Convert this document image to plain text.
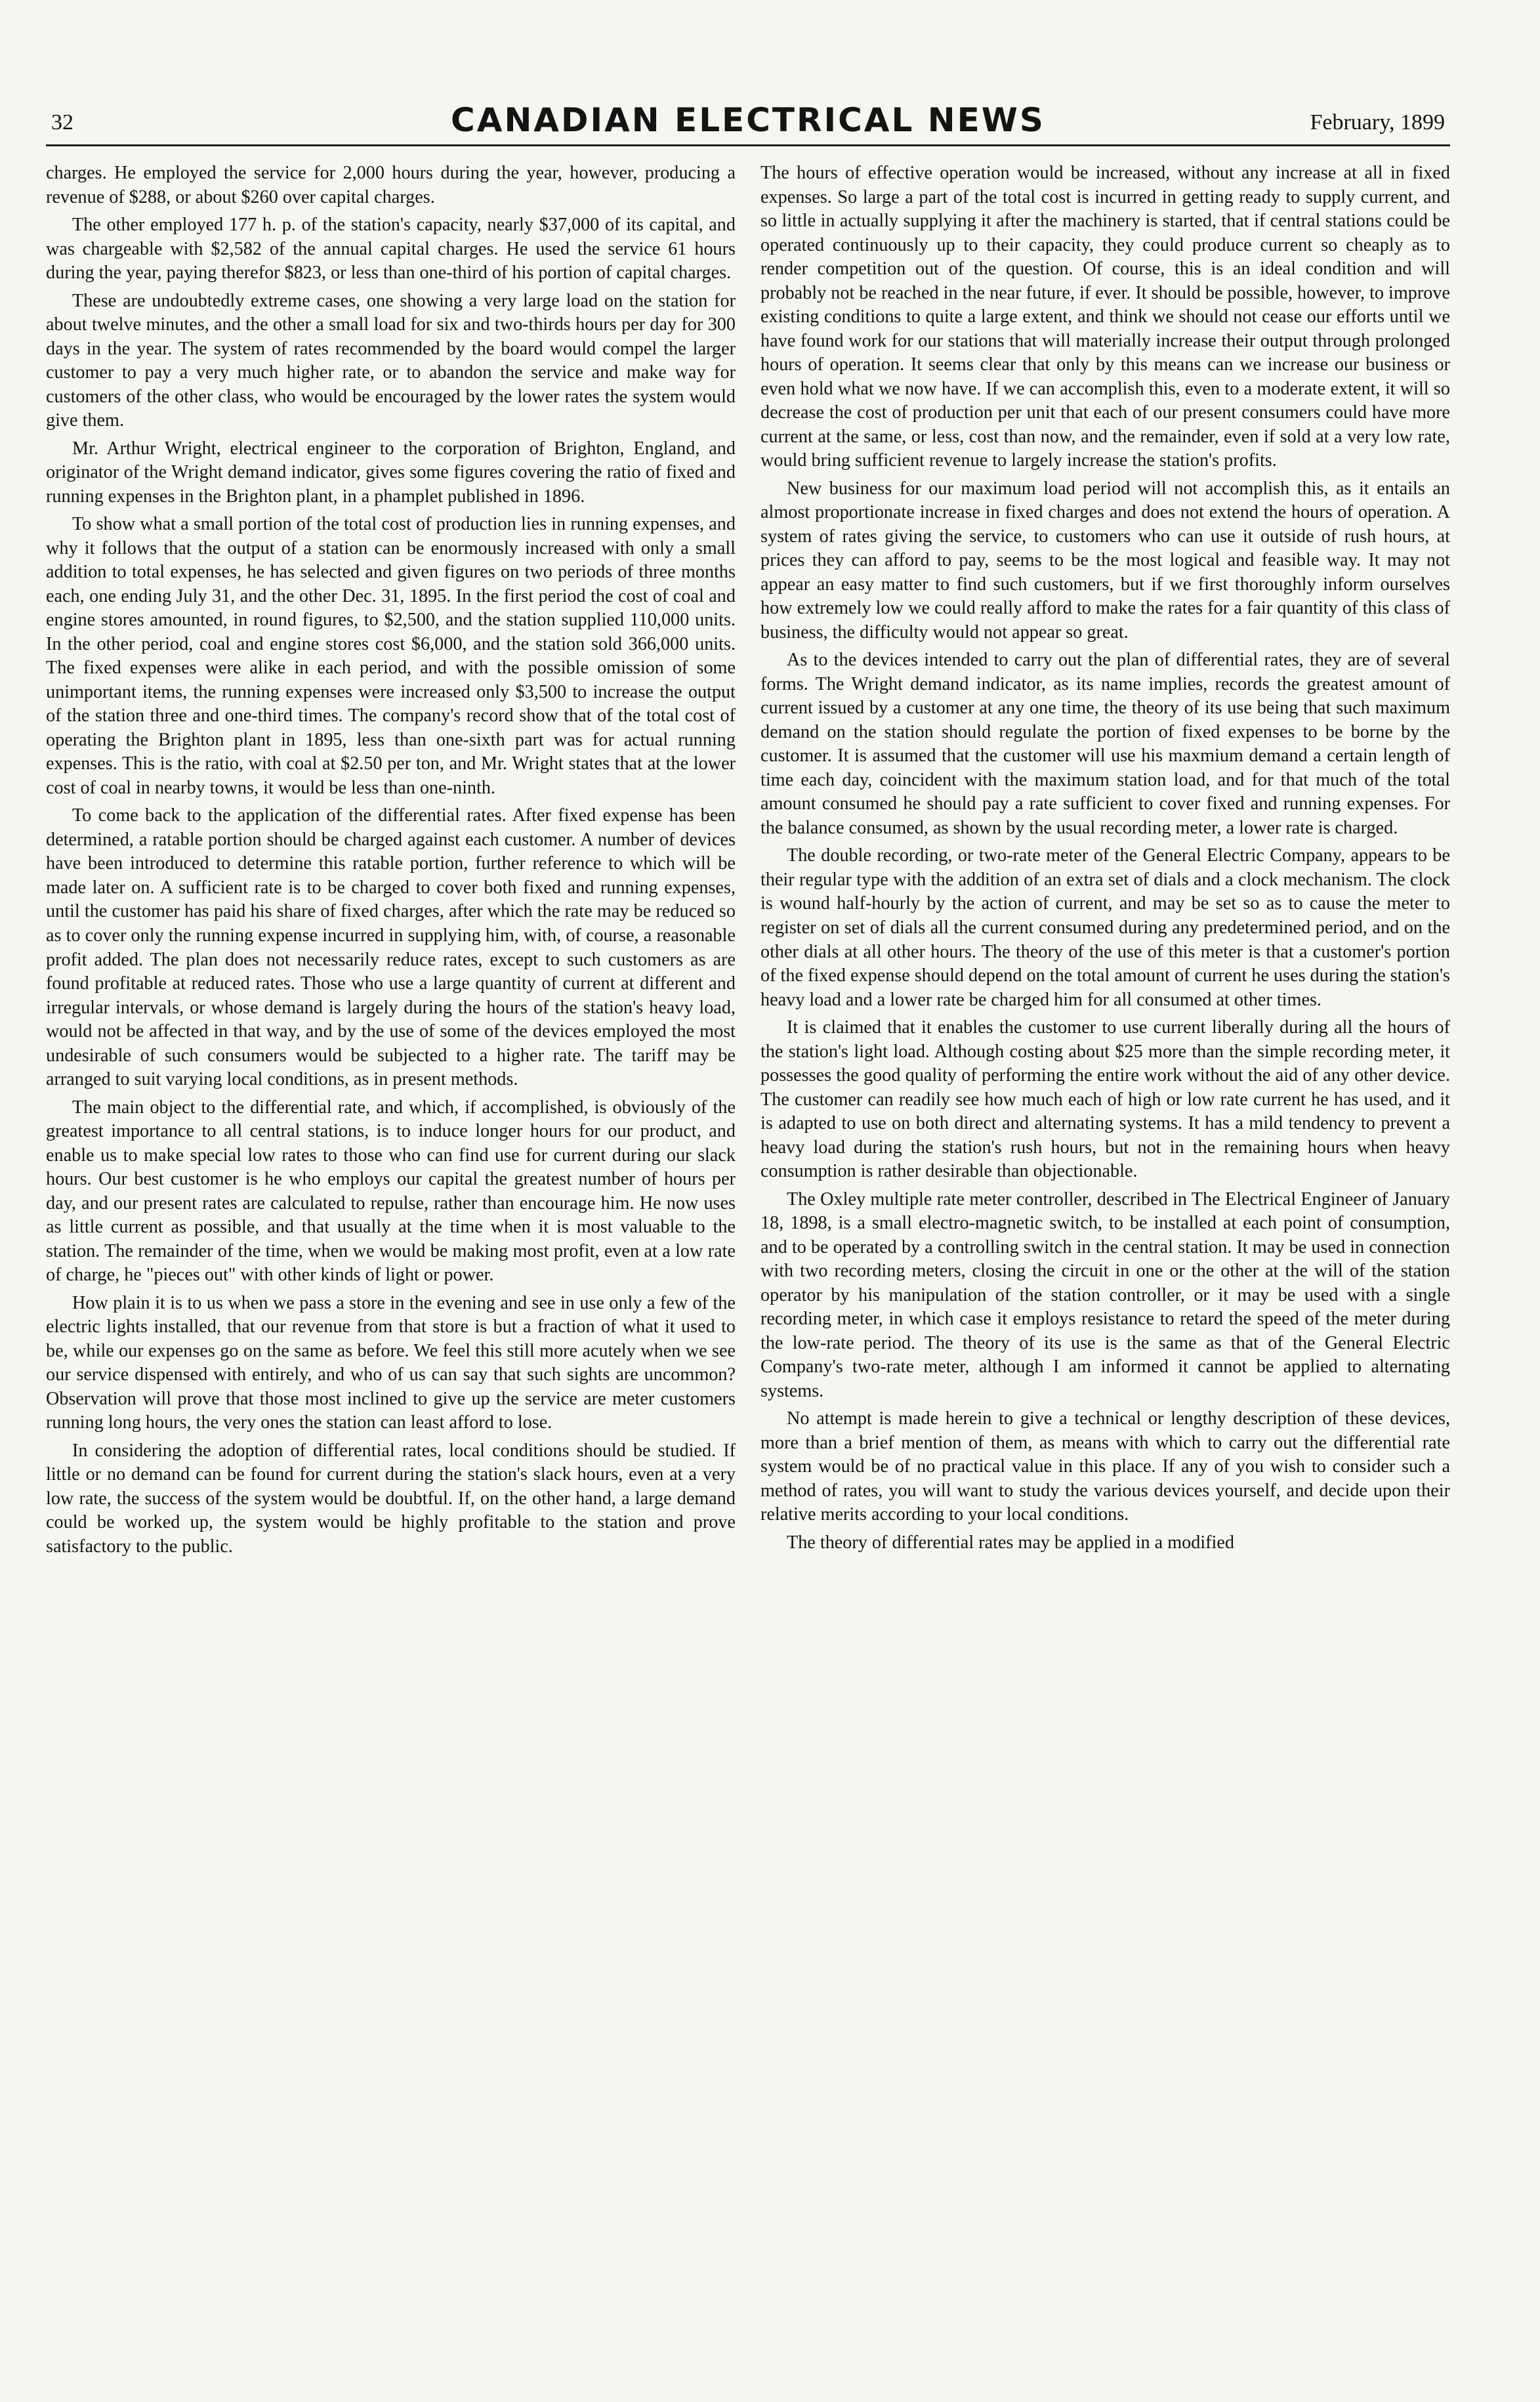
32	CANADIAN ELECTRICAL NEWS	February, 1899

charges. He employed the service for 2,000 hours during the year, however, producing a revenue of $288, or about $260 over capital charges.

The other employed 177 h. p. of the station's capacity, nearly $37,000 of its capital, and was chargeable with $2,582 of the annual capital charges. He used the service 61 hours during the year, paying therefor $823, or less than one-third of his portion of capital charges.

These are undoubtedly extreme cases, one showing a very large load on the station for about twelve minutes, and the other a small load for six and two-thirds hours per day for 300 days in the year. The system of rates recommended by the board would compel the larger customer to pay a very much higher rate, or to abandon the service and make way for customers of the other class, who would be encouraged by the lower rates the system would give them.

Mr. Arthur Wright, electrical engineer to the corporation of Brighton, England, and originator of the Wright demand indicator, gives some figures covering the ratio of fixed and running expenses in the Brighton plant, in a phamplet published in 1896.

To show what a small portion of the total cost of production lies in running expenses, and why it follows that the output of a station can be enormously increased with only a small addition to total expenses, he has selected and given figures on two periods of three months each, one ending July 31, and the other Dec. 31, 1895. In the first period the cost of coal and engine stores amounted, in round figures, to $2,500, and the station supplied 110,000 units. In the other period, coal and engine stores cost $6,000, and the station sold 366,000 units. The fixed expenses were alike in each period, and with the possible omission of some unimportant items, the running expenses were increased only $3,500 to increase the output of the station three and one-third times. The company's record show that of the total cost of operating the Brighton plant in 1895, less than one-sixth part was for actual running expenses. This is the ratio, with coal at $2.50 per ton, and Mr. Wright states that at the lower cost of coal in nearby towns, it would be less than one-ninth.

To come back to the application of the differential rates. After fixed expense has been determined, a ratable portion should be charged against each customer. A number of devices have been introduced to determine this ratable portion, further reference to which will be made later on. A sufficient rate is to be charged to cover both fixed and running expenses, until the customer has paid his share of fixed charges, after which the rate may be reduced so as to cover only the running expense incurred in supplying him, with, of course, a reasonable profit added. The plan does not necessarily reduce rates, except to such customers as are found profitable at reduced rates. Those who use a large quantity of current at different and irregular intervals, or whose demand is largely during the hours of the station's heavy load, would not be affected in that way, and by the use of some of the devices employed the most undesirable of such consumers would be subjected to a higher rate. The tariff may be arranged to suit varying local conditions, as in present methods.

The main object to the differential rate, and which, if accomplished, is obviously of the greatest importance to all central stations, is to induce longer hours for our product, and enable us to make special low rates to those who can find use for current during our slack hours. Our best customer is he who employs our capital the greatest number of hours per day, and our present rates are calculated to repulse, rather than encourage him. He now uses as little current as possible, and that usually at the time when it is most valuable to the station. The remainder of the time, when we would be making most profit, even at a low rate of charge, he "pieces out" with other kinds of light or power.

How plain it is to us when we pass a store in the evening and see in use only a few of the electric lights installed, that our revenue from that store is but a fraction of what it used to be, while our expenses go on the same as before. We feel this still more acutely when we see our service dispensed with entirely, and who of us can say that such sights are uncommon? Observation will prove that those most inclined to give up the service are meter customers running long hours, the very ones the station can least afford to lose.

In considering the adoption of differential rates, local conditions should be studied. If little or no demand can be found for current during the station's slack hours, even at a very low rate, the success of the system would be doubtful. If, on the other hand, a large demand could be worked up, the system would be highly profitable to the station and prove satisfactory to the public.

The hours of effective operation would be increased, without any increase at all in fixed expenses. So large a part of the total cost is incurred in getting ready to supply current, and so little in actually supplying it after the machinery is started, that if central stations could be operated continuously up to their capacity, they could produce current so cheaply as to render competition out of the question. Of course, this is an ideal condition and will probably not be reached in the near future, if ever. It should be possible, however, to improve existing conditions to quite a large extent, and think we should not cease our efforts until we have found work for our stations that will materially increase their output through prolonged hours of operation. It seems clear that only by this means can we increase our business or even hold what we now have. If we can accomplish this, even to a moderate extent, it will so decrease the cost of production per unit that each of our present consumers could have more current at the same, or less, cost than now, and the remainder, even if sold at a very low rate, would bring sufficient revenue to largely increase the station's profits.

New business for our maximum load period will not accomplish this, as it entails an almost proportionate increase in fixed charges and does not extend the hours of operation. A system of rates giving the service, to customers who can use it outside of rush hours, at prices they can afford to pay, seems to be the most logical and feasible way. It may not appear an easy matter to find such customers, but if we first thoroughly inform ourselves how extremely low we could really afford to make the rates for a fair quantity of this class of business, the difficulty would not appear so great.

As to the devices intended to carry out the plan of differential rates, they are of several forms. The Wright demand indicator, as its name implies, records the greatest amount of current issued by a customer at any one time, the theory of its use being that such maximum demand on the station should regulate the portion of fixed expenses to be borne by the customer. It is assumed that the customer will use his maxmium demand a certain length of time each day, coincident with the maximum station load, and for that much of the total amount consumed he should pay a rate sufficient to cover fixed and running expenses. For the balance consumed, as shown by the usual recording meter, a lower rate is charged.

The double recording, or two-rate meter of the General Electric Company, appears to be their regular type with the addition of an extra set of dials and a clock mechanism. The clock is wound half-hourly by the action of current, and may be set so as to cause the meter to register on set of dials all the current consumed during any predetermined period, and on the other dials at all other hours. The theory of the use of this meter is that a customer's portion of the fixed expense should depend on the total amount of current he uses during the station's heavy load and a lower rate be charged him for all consumed at other times.

It is claimed that it enables the customer to use current liberally during all the hours of the station's light load. Although costing about $25 more than the simple recording meter, it possesses the good quality of performing the entire work without the aid of any other device. The customer can readily see how much each of high or low rate current he has used, and it is adapted to use on both direct and alternating systems. It has a mild tendency to prevent a heavy load during the station's rush hours, but not in the remaining hours when heavy consumption is rather desirable than objectionable.

The Oxley multiple rate meter controller, described in The Electrical Engineer of January 18, 1898, is a small electro-magnetic switch, to be installed at each point of consumption, and to be operated by a controlling switch in the central station. It may be used in connection with two recording meters, closing the circuit in one or the other at the will of the station operator by his manipulation of the station controller, or it may be used with a single recording meter, in which case it employs resistance to retard the speed of the meter during the low-rate period. The theory of its use is the same as that of the General Electric Company's two-rate meter, although I am informed it cannot be applied to alternating systems.

No attempt is made herein to give a technical or lengthy description of these devices, more than a brief mention of them, as means with which to carry out the differential rate system would be of no practical value in this place. If any of you wish to consider such a method of rates, you will want to study the various devices yourself, and decide upon their relative merits according to your local conditions.

The theory of differential rates may be applied in a modified
